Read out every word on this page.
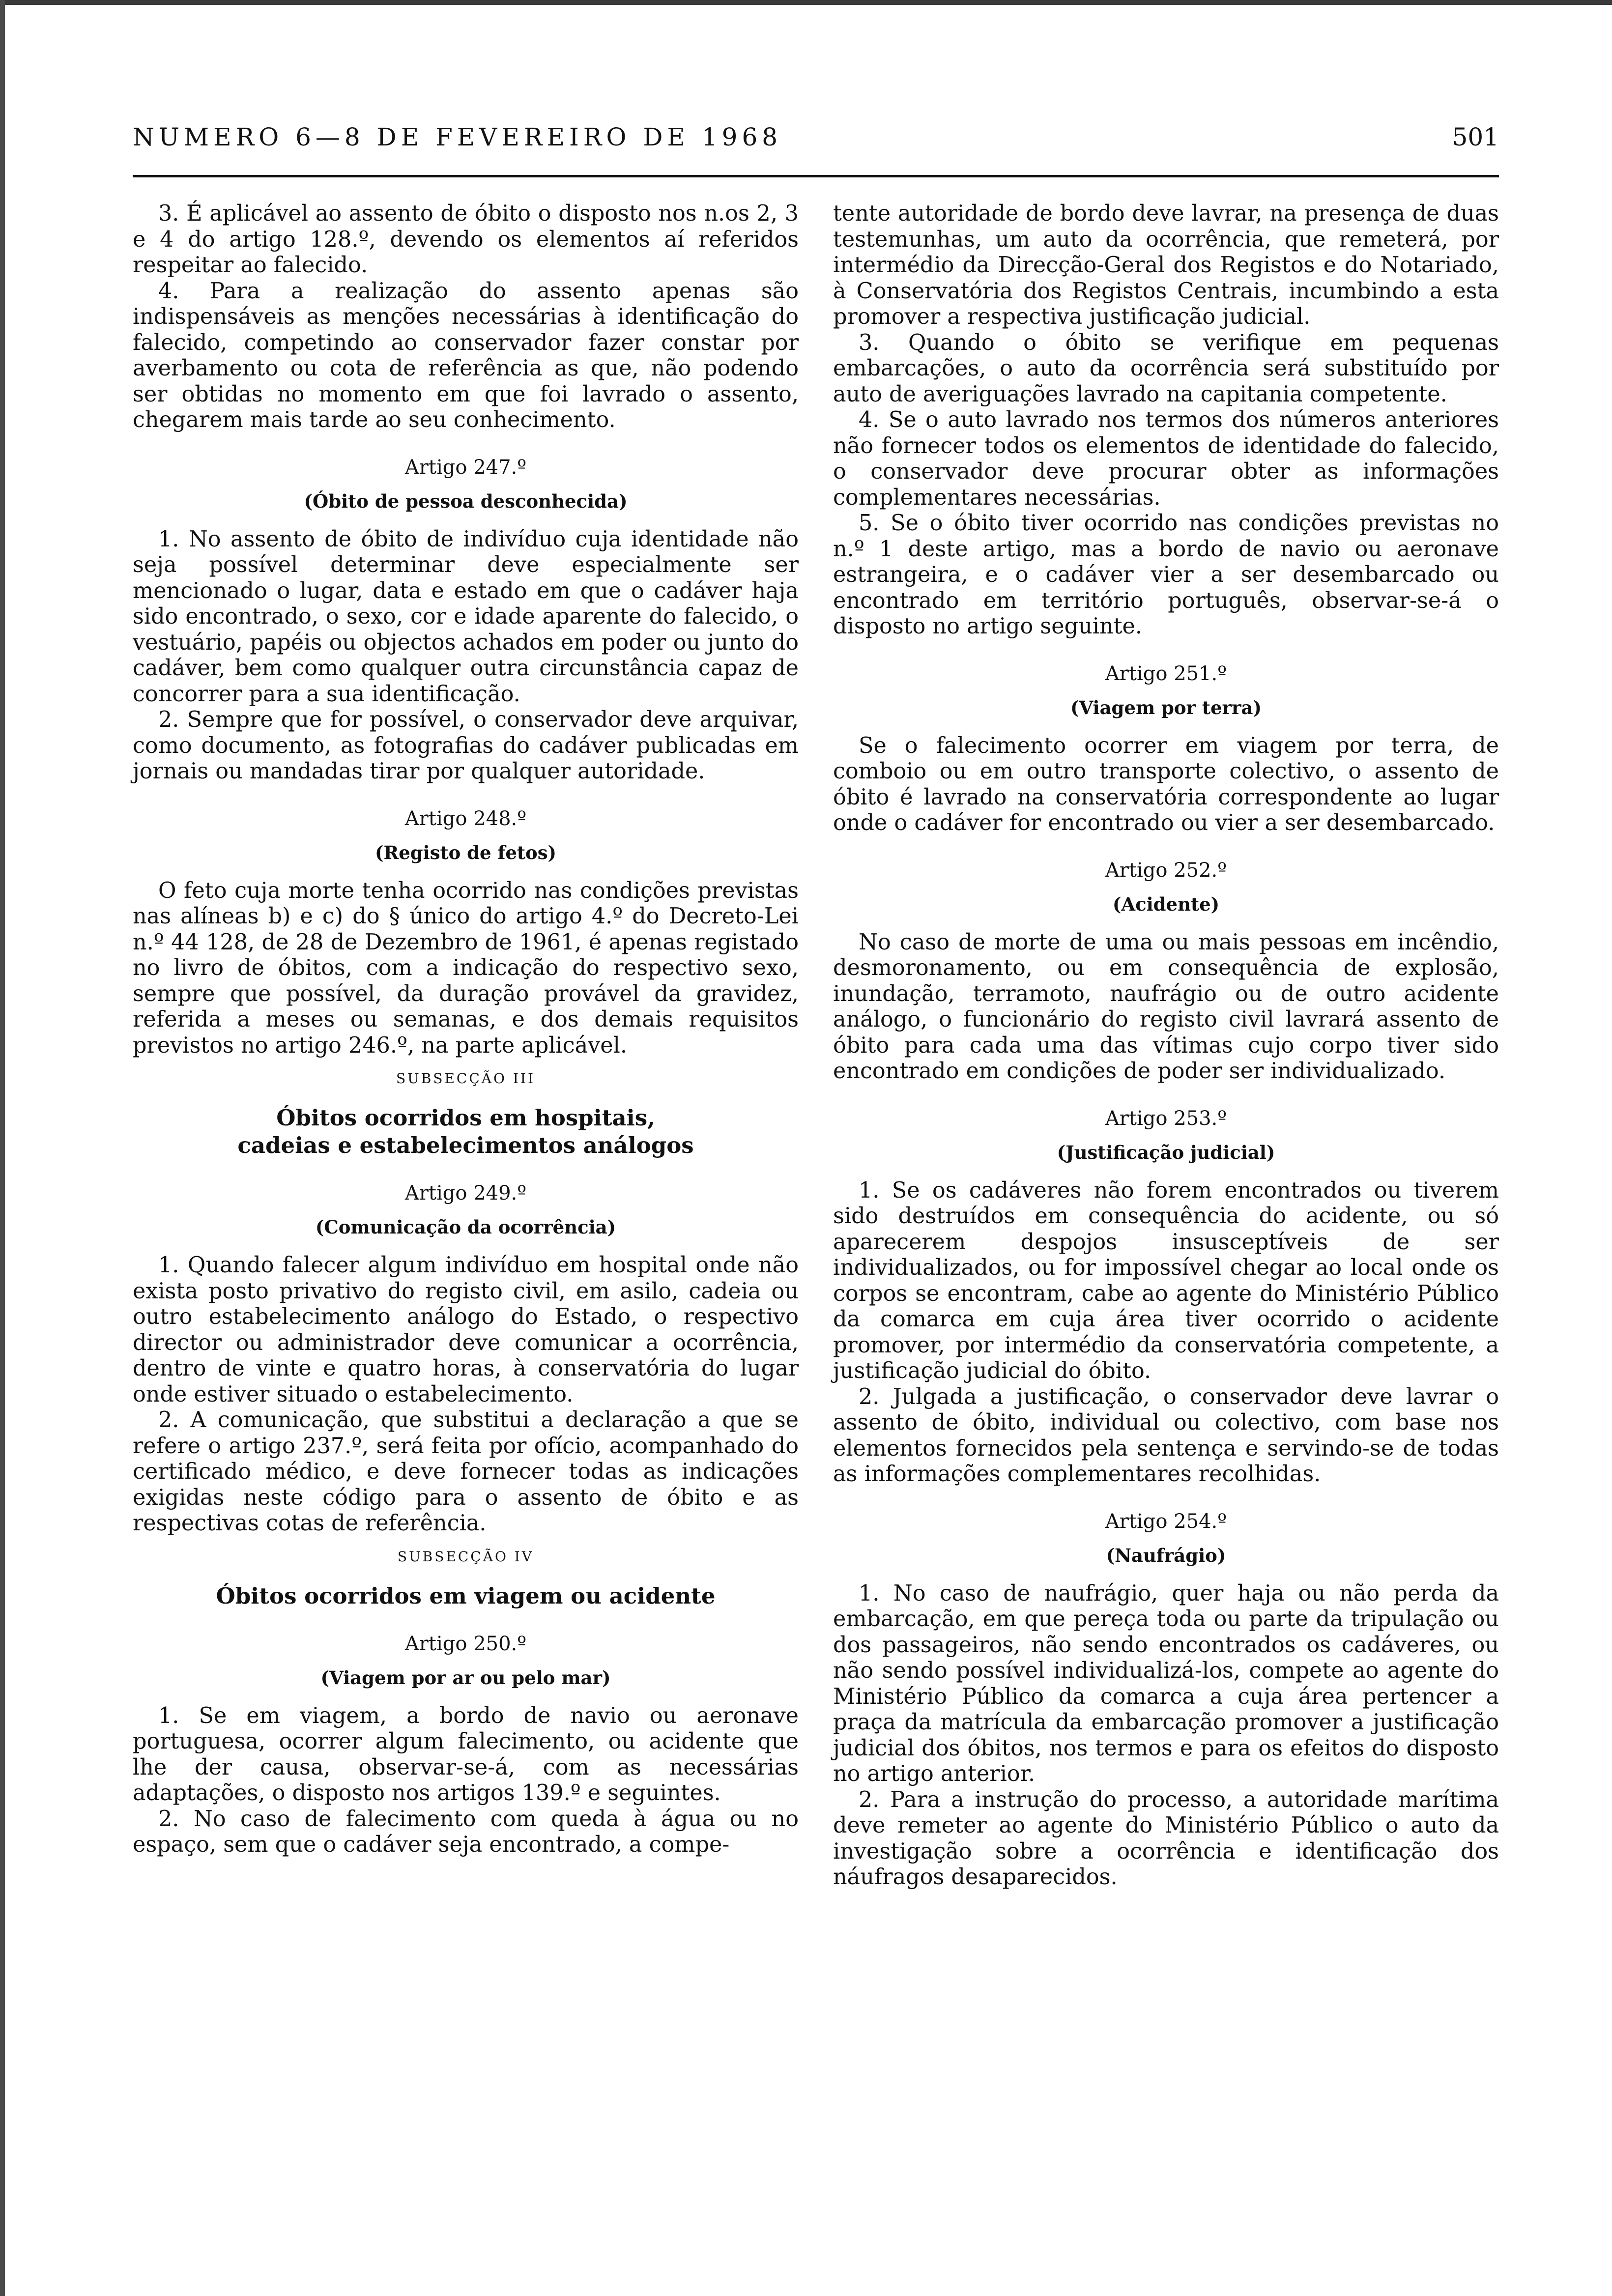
NUMERO 6—8 DE FEVEREIRO DE 1968	501

3. É aplicável ao assento de óbito o disposto nos n.os 2, 3 e 4 do artigo 128.º, devendo os elementos aí referidos respeitar ao falecido.

4. Para a realização do assento apenas são indispensáveis as menções necessárias à identificação do falecido, competindo ao conservador fazer constar por averbamento ou cota de referência as que, não podendo ser obtidas no momento em que foi lavrado o assento, chegarem mais tarde ao seu conhecimento.

Artigo 247.º
(Óbito de pessoa desconhecida)

1. No assento de óbito de indivíduo cuja identidade não seja possível determinar deve especialmente ser mencionado o lugar, data e estado em que o cadáver haja sido encontrado, o sexo, cor e idade aparente do falecido, o vestuário, papéis ou objectos achados em poder ou junto do cadáver, bem como qualquer outra circunstância capaz de concorrer para a sua identificação.

2. Sempre que for possível, o conservador deve arquivar, como documento, as fotografias do cadáver publicadas em jornais ou mandadas tirar por qualquer autoridade.

Artigo 248.º
(Registo de fetos)

O feto cuja morte tenha ocorrido nas condições previstas nas alíneas b) e c) do § único do artigo 4.º do Decreto-Lei n.º 44 128, de 28 de Dezembro de 1961, é apenas registado no livro de óbitos, com a indicação do respectivo sexo, sempre que possível, da duração provável da gravidez, referida a meses ou semanas, e dos demais requisitos previstos no artigo 246.º, na parte aplicável.

SUBSECÇÃO III
Óbitos ocorridos em hospitais,
cadeias e estabelecimentos análogos
Artigo 249.º
(Comunicação da ocorrência)

1. Quando falecer algum indivíduo em hospital onde não exista posto privativo do registo civil, em asilo, cadeia ou outro estabelecimento análogo do Estado, o respectivo director ou administrador deve comunicar a ocorrência, dentro de vinte e quatro horas, à conservatória do lugar onde estiver situado o estabelecimento.

2. A comunicação, que substitui a declaração a que se refere o artigo 237.º, será feita por ofício, acompanhado do certificado médico, e deve fornecer todas as indicações exigidas neste código para o assento de óbito e as respectivas cotas de referência.

SUBSECÇÃO IV
Óbitos ocorridos em viagem ou acidente
Artigo 250.º
(Viagem por ar ou pelo mar)

1. Se em viagem, a bordo de navio ou aeronave portuguesa, ocorrer algum falecimento, ou acidente que lhe der causa, observar-se-á, com as necessárias adaptações, o disposto nos artigos 139.º e seguintes.

2. No caso de falecimento com queda à água ou no espaço, sem que o cadáver seja encontrado, a compe-

tente autoridade de bordo deve lavrar, na presença de duas testemunhas, um auto da ocorrência, que remeterá, por intermédio da Direcção-Geral dos Registos e do Notariado, à Conservatória dos Registos Centrais, incumbindo a esta promover a respectiva justificação judicial.

3. Quando o óbito se verifique em pequenas embarcações, o auto da ocorrência será substituído por auto de averiguações lavrado na capitania competente.

4. Se o auto lavrado nos termos dos números anteriores não fornecer todos os elementos de identidade do falecido, o conservador deve procurar obter as informações complementares necessárias.

5. Se o óbito tiver ocorrido nas condições previstas no n.º 1 deste artigo, mas a bordo de navio ou aeronave estrangeira, e o cadáver vier a ser desembarcado ou encontrado em território português, observar-se-á o disposto no artigo seguinte.

Artigo 251.º
(Viagem por terra)

Se o falecimento ocorrer em viagem por terra, de comboio ou em outro transporte colectivo, o assento de óbito é lavrado na conservatória correspondente ao lugar onde o cadáver for encontrado ou vier a ser desembarcado.

Artigo 252.º
(Acidente)

No caso de morte de uma ou mais pessoas em incêndio, desmoronamento, ou em consequência de explosão, inundação, terramoto, naufrágio ou de outro acidente análogo, o funcionário do registo civil lavrará assento de óbito para cada uma das vítimas cujo corpo tiver sido encontrado em condições de poder ser individualizado.

Artigo 253.º
(Justificação judicial)

1. Se os cadáveres não forem encontrados ou tiverem sido destruídos em consequência do acidente, ou só aparecerem despojos insusceptíveis de ser individualizados, ou for impossível chegar ao local onde os corpos se encontram, cabe ao agente do Ministério Público da comarca em cuja área tiver ocorrido o acidente promover, por intermédio da conservatória competente, a justificação judicial do óbito.

2. Julgada a justificação, o conservador deve lavrar o assento de óbito, individual ou colectivo, com base nos elementos fornecidos pela sentença e servindo-se de todas as informações complementares recolhidas.

Artigo 254.º
(Naufrágio)

1. No caso de naufrágio, quer haja ou não perda da embarcação, em que pereça toda ou parte da tripulação ou dos passageiros, não sendo encontrados os cadáveres, ou não sendo possível individualizá-los, compete ao agente do Ministério Público da comarca a cuja área pertencer a praça da matrícula da embarcação promover a justificação judicial dos óbitos, nos termos e para os efeitos do disposto no artigo anterior.

2. Para a instrução do processo, a autoridade marítima deve remeter ao agente do Ministério Público o auto da investigação sobre a ocorrência e identificação dos náufragos desaparecidos.
